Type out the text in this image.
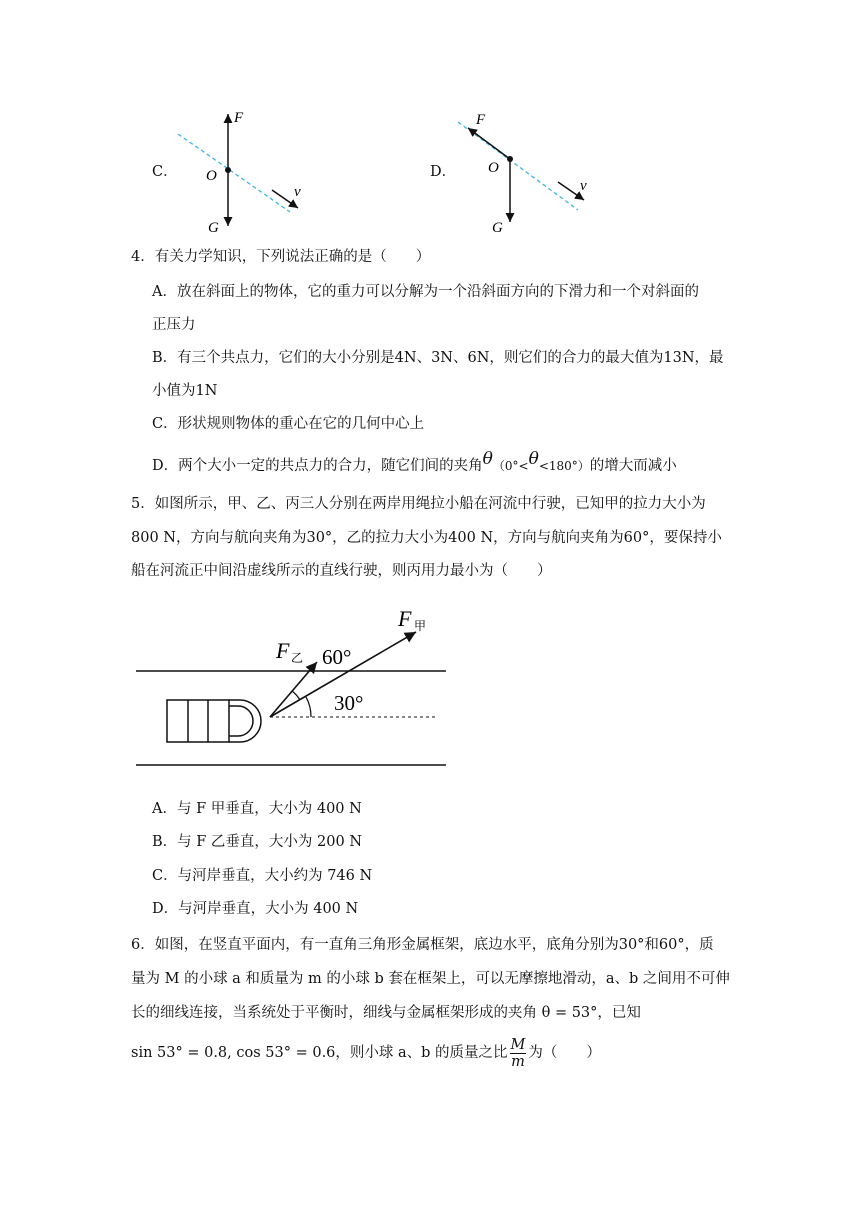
C．
F
O
G
v
D．
F
O
G
v
4．有关力学知识，下列说法正确的是（　　）
A．放在斜面上的物体，它的重力可以分解为一个沿斜面方向的下滑力和一个对斜面的
正压力
B．有三个共点力，它们的大小分别是4N、3N、6N，则它们的合力的最大值为13N，最
小值为1N
C．形状规则物体的重心在它的几何中心上
D．两个大小一定的共点力的合力，随它们间的夹角θ（0°<θ<180°）的增大而减小
5．如图所示，甲、乙、丙三人分别在两岸用绳拉小船在河流中行驶，已知甲的拉力大小为
800 N，方向与航向夹角为30°，乙的拉力大小为400 N，方向与航向夹角为60°，要保持小
船在河流正中间沿虚线所示的直线行驶，则丙用力最小为（　　）
F 甲
F 乙 60°
30°
A．与 F 甲垂直，大小为 400 N
B．与 F 乙垂直，大小为 200 N
C．与河岸垂直，大小约为 746 N
D．与河岸垂直，大小为 400 N
6．如图，在竖直平面内，有一直角三角形金属框架，底边水平，底角分别为30°和60°，质
量为 M 的小球 a 和质量为 m 的小球 b 套在框架上，可以无摩擦地滑动，a、b 之间用不可伸
长的细线连接，当系统处于平衡时，细线与金属框架形成的夹角 θ = 53°，已知
sin 53° = 0.8, cos 53° = 0.6，则小球 a、b 的质量之比 $\frac{M}{m}$ 为（　　）
